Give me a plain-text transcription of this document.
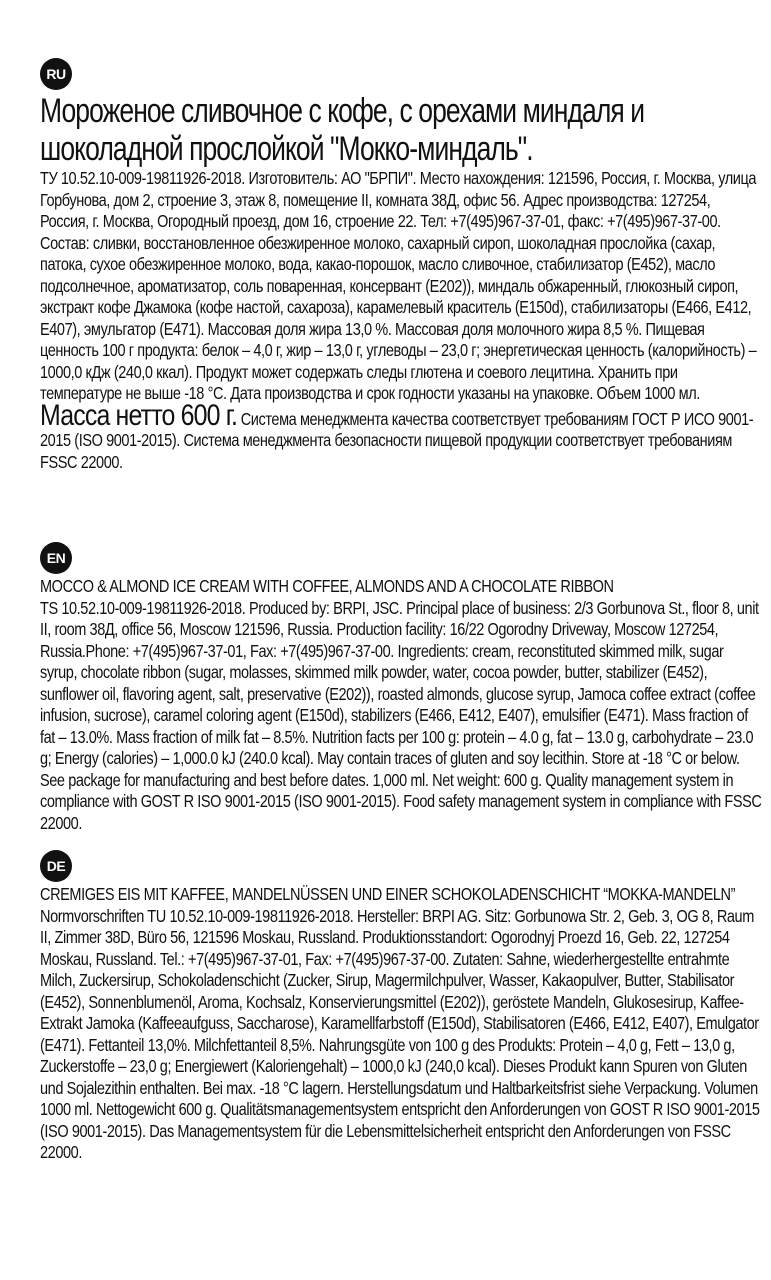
RU
Мороженое сливочное с кофе, с орехами миндаля и шоколадной прослойкой "Мокко-миндаль".

ТУ 10.52.10-009-19811926-2018. Изготовитель: АО "БРПИ". Место нахождения: 121596, Россия, г. Москва, улица Горбунова, дом 2, строение 3, этаж 8, помещение II, комната 38Д, офис 56. Адрес производства: 127254, Россия, г. Москва, Огородный проезд, дом 16, строение 22. Тел: +7(495)967-37-01, факс: +7(495)967-37-00. Состав: сливки, восстановленное обезжиренное молоко, сахарный сироп, шоколадная прослойка (сахар, патока, сухое обезжиренное молоко, вода, какао-порошок, масло сливочное, стабилизатор (Е452), масло подсолнечное, ароматизатор, соль поваренная, консервант (Е202)), миндаль обжаренный, глюкозный сироп, экстракт кофе Джамока (кофе настой, сахароза), карамелевый краситель (Е150d), стабилизаторы (Е466, Е412, Е407), эмульгатор (Е471). Массовая доля жира 13,0 %. Массовая доля молочного жира 8,5 %. Пищевая ценность 100 г продукта: белок – 4,0 г, жир – 13,0 г, углеводы – 23,0 г; энергетическая ценность (калорийность) – 1000,0 кДж (240,0 ккал). Продукт может содержать следы глютена и соевого лецитина. Хранить при температуре не выше -18 °С. Дата производства и срок годности указаны на упаковке. Объем 1000 мл. Масса нетто 600 г. Система менеджмента качества соответствует требованиям ГОСТ Р ИСО 9001-2015 (ISO 9001-2015). Система менеджмента безопасности пищевой продукции соответствует требованиям FSSC 22000.

EN

MOCCO & ALMOND ICE CREAM WITH COFFEE, ALMONDS AND A CHOCOLATE RIBBON

TS 10.52.10-009-19811926-2018. Produced by: BRPI, JSC. Principal place of business: 2/3 Gorbunova St., floor 8, unit II, room 38Д, office 56, Moscow 121596, Russia. Production facility: 16/22 Ogorodny Driveway, Moscow 127254, Russia.Phone: +7(495)967-37-01, Fax: +7(495)967-37-00. Ingredients: cream, reconstituted skimmed milk, sugar syrup, chocolate ribbon (sugar, molasses, skimmed milk powder, water, cocoa powder, butter, stabilizer (E452), sunflower oil, flavoring agent, salt, preservative (E202)), roasted almonds, glucose syrup, Jamoca coffee extract (coffee infusion, sucrose), caramel coloring agent (E150d), stabilizers (E466, E412, E407), emulsifier (E471). Mass fraction of fat – 13.0%. Mass fraction of milk fat – 8.5%. Nutrition facts per 100 g: protein – 4.0 g, fat – 13.0 g, carbohydrate – 23.0 g; Energy (calories) – 1,000.0 kJ (240.0 kcal). May contain traces of gluten and soy lecithin. Store at -18 °C or below. See package for manufacturing and best before dates. 1,000 ml. Net weight: 600 g. Quality management system in compliance with GOST R ISO 9001-2015 (ISO 9001-2015). Food safety management system in compliance with FSSC 22000.

DE

CREMIGES EIS MIT KAFFEE, MANDELNÜSSEN UND EINER SCHOKOLADENSCHICHT “MOKKA-MANDELN”

Normvorschriften TU 10.52.10-009-19811926-2018. Hersteller: BRPI AG. Sitz: Gorbunowa Str. 2, Geb. 3, OG 8, Raum II, Zimmer 38D, Büro 56, 121596 Moskau, Russland. Produktionsstandort: Ogorodnyj Proezd 16, Geb. 22, 127254 Moskau, Russland. Tel.: +7(495)967-37-01, Fax: +7(495)967-37-00. Zutaten: Sahne, wiederhergestellte entrahmte Milch, Zuckersirup, Schokoladenschicht (Zucker, Sirup, Magermilchpulver, Wasser, Kakaopulver, Butter, Stabilisator (E452), Sonnenblumenöl, Aroma, Kochsalz, Konservierungsmittel (E202)), geröstete Mandeln, Glukosesirup, Kaffee-Extrakt Jamoka (Kaffeeaufguss, Saccharose), Karamellfarbstoff (E150d), Stabilisatoren (E466, E412, E407), Emulgator (E471). Fettanteil 13,0%. Milchfettanteil 8,5%. Nahrungsgüte von 100 g des Produkts: Protein – 4,0 g, Fett – 13,0 g, Zuckerstoffe – 23,0 g; Energiewert (Kaloriengehalt) – 1000,0 kJ (240,0 kcal). Dieses Produkt kann Spuren von Gluten und Sojalezithin enthalten. Bei max. -18 °C lagern. Herstellungsdatum und Haltbarkeitsfrist siehe Verpackung. Volumen 1000 ml. Nettogewicht 600 g. Qualitätsmanagementsystem entspricht den Anforderungen von GOST R ISO 9001-2015 (ISO 9001-2015). Das Managementsystem für die Lebensmittelsicherheit entspricht den Anforderungen von FSSC 22000.
